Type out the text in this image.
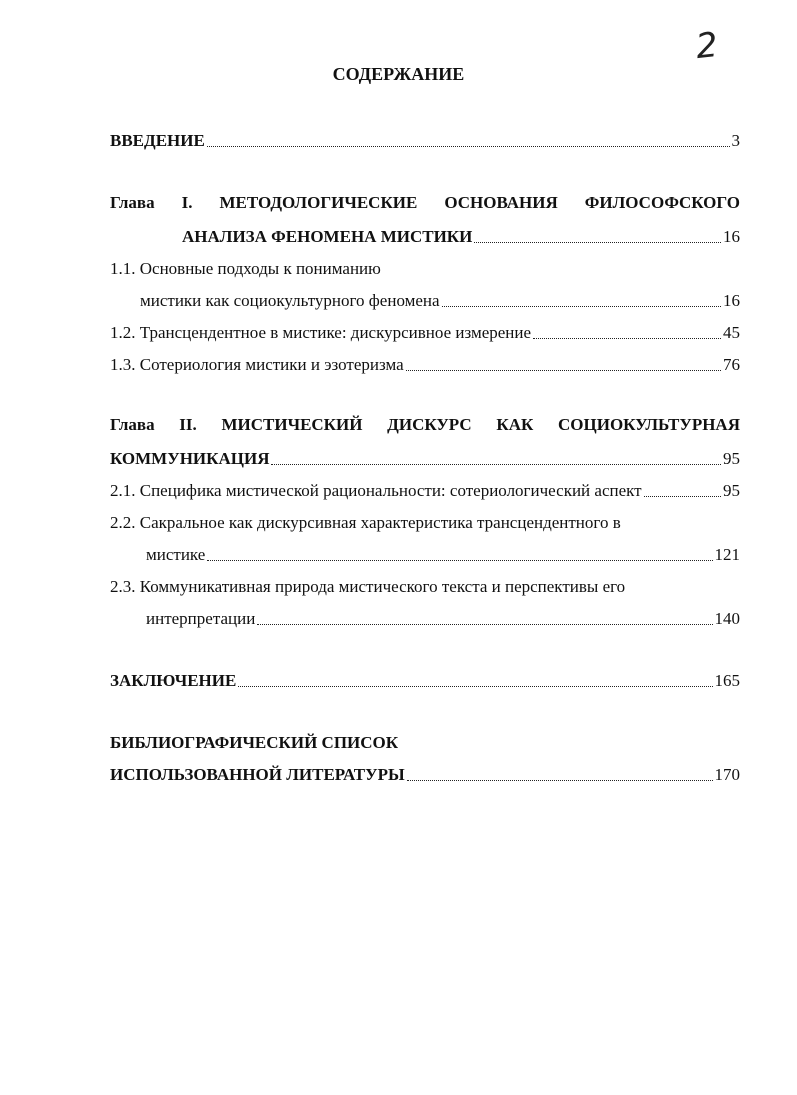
2
СОДЕРЖАНИЕ
ВВЕДЕНИЕ	3
Глава I. МЕТОДОЛОГИЧЕСКИЕ ОСНОВАНИЯ ФИЛОСОФСКОГО
АНАЛИЗА ФЕНОМЕНА МИСТИКИ	16
1.1. Основные подходы к пониманию
мистики как социокультурного феномена	16
1.2. Трансцендентное в мистике: дискурсивное измерение	45
1.3. Сотериология мистики и эзотеризма	76
Глава II. МИСТИЧЕСКИЙ ДИСКУРС КАК СОЦИОКУЛЬТУРНАЯ
КОММУНИКАЦИЯ	95
2.1. Специфика мистической рациональности: сотериологический аспект	95
2.2. Сакральное как дискурсивная характеристика трансцендентного в
мистике	121
2.3. Коммуникативная природа мистического текста и перспективы его
интерпретации	140
ЗАКЛЮЧЕНИЕ	165
БИБЛИОГРАФИЧЕСКИЙ СПИСОК
ИСПОЛЬЗОВАННОЙ ЛИТЕРАТУРЫ	170
